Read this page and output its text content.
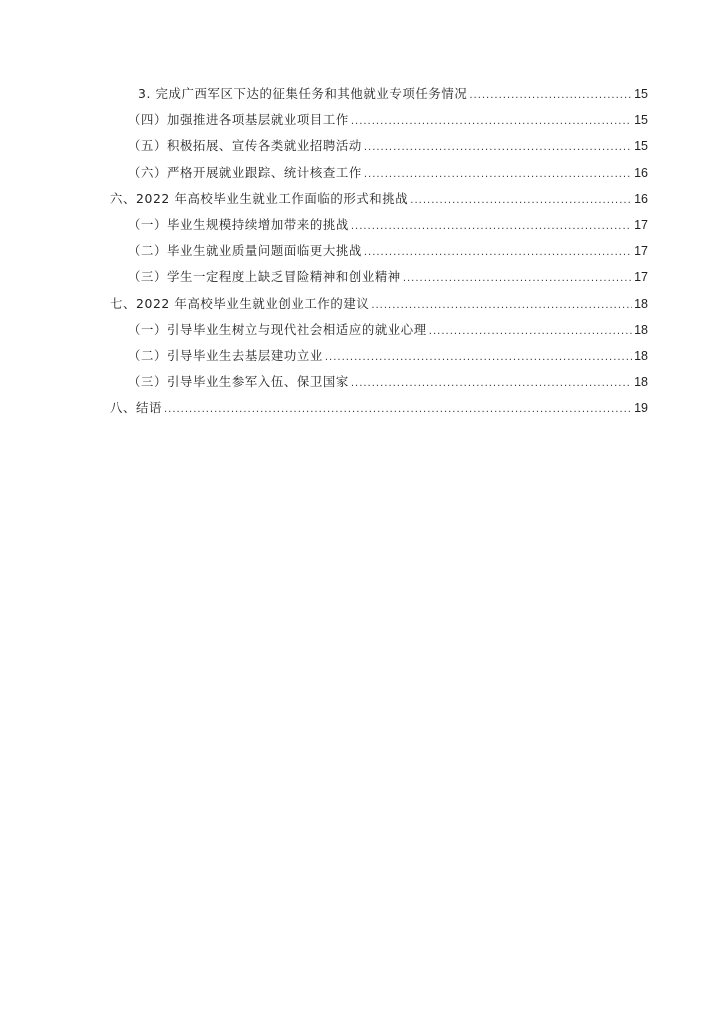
3. 完成广西军区下达的征集任务和其他就业专项任务情况 .....	15
（四）加强推进各项基层就业项目工作 .....	15
（五）积极拓展、宣传各类就业招聘活动 .....	15
（六）严格开展就业跟踪、统计核查工作 .....	16
六、2022 年高校毕业生就业工作面临的形式和挑战 .....	16
（一）毕业生规模持续增加带来的挑战 .....	17
（二）毕业生就业质量问题面临更大挑战 .....	17
（三）学生一定程度上缺乏冒险精神和创业精神 .....	17
七、2022 年高校毕业生就业创业工作的建议 .....	18
（一）引导毕业生树立与现代社会相适应的就业心理 .....	18
（二）引导毕业生去基层建功立业 .....	18
（三）引导毕业生参军入伍、保卫国家 .....	18
八、结语 .....	19
